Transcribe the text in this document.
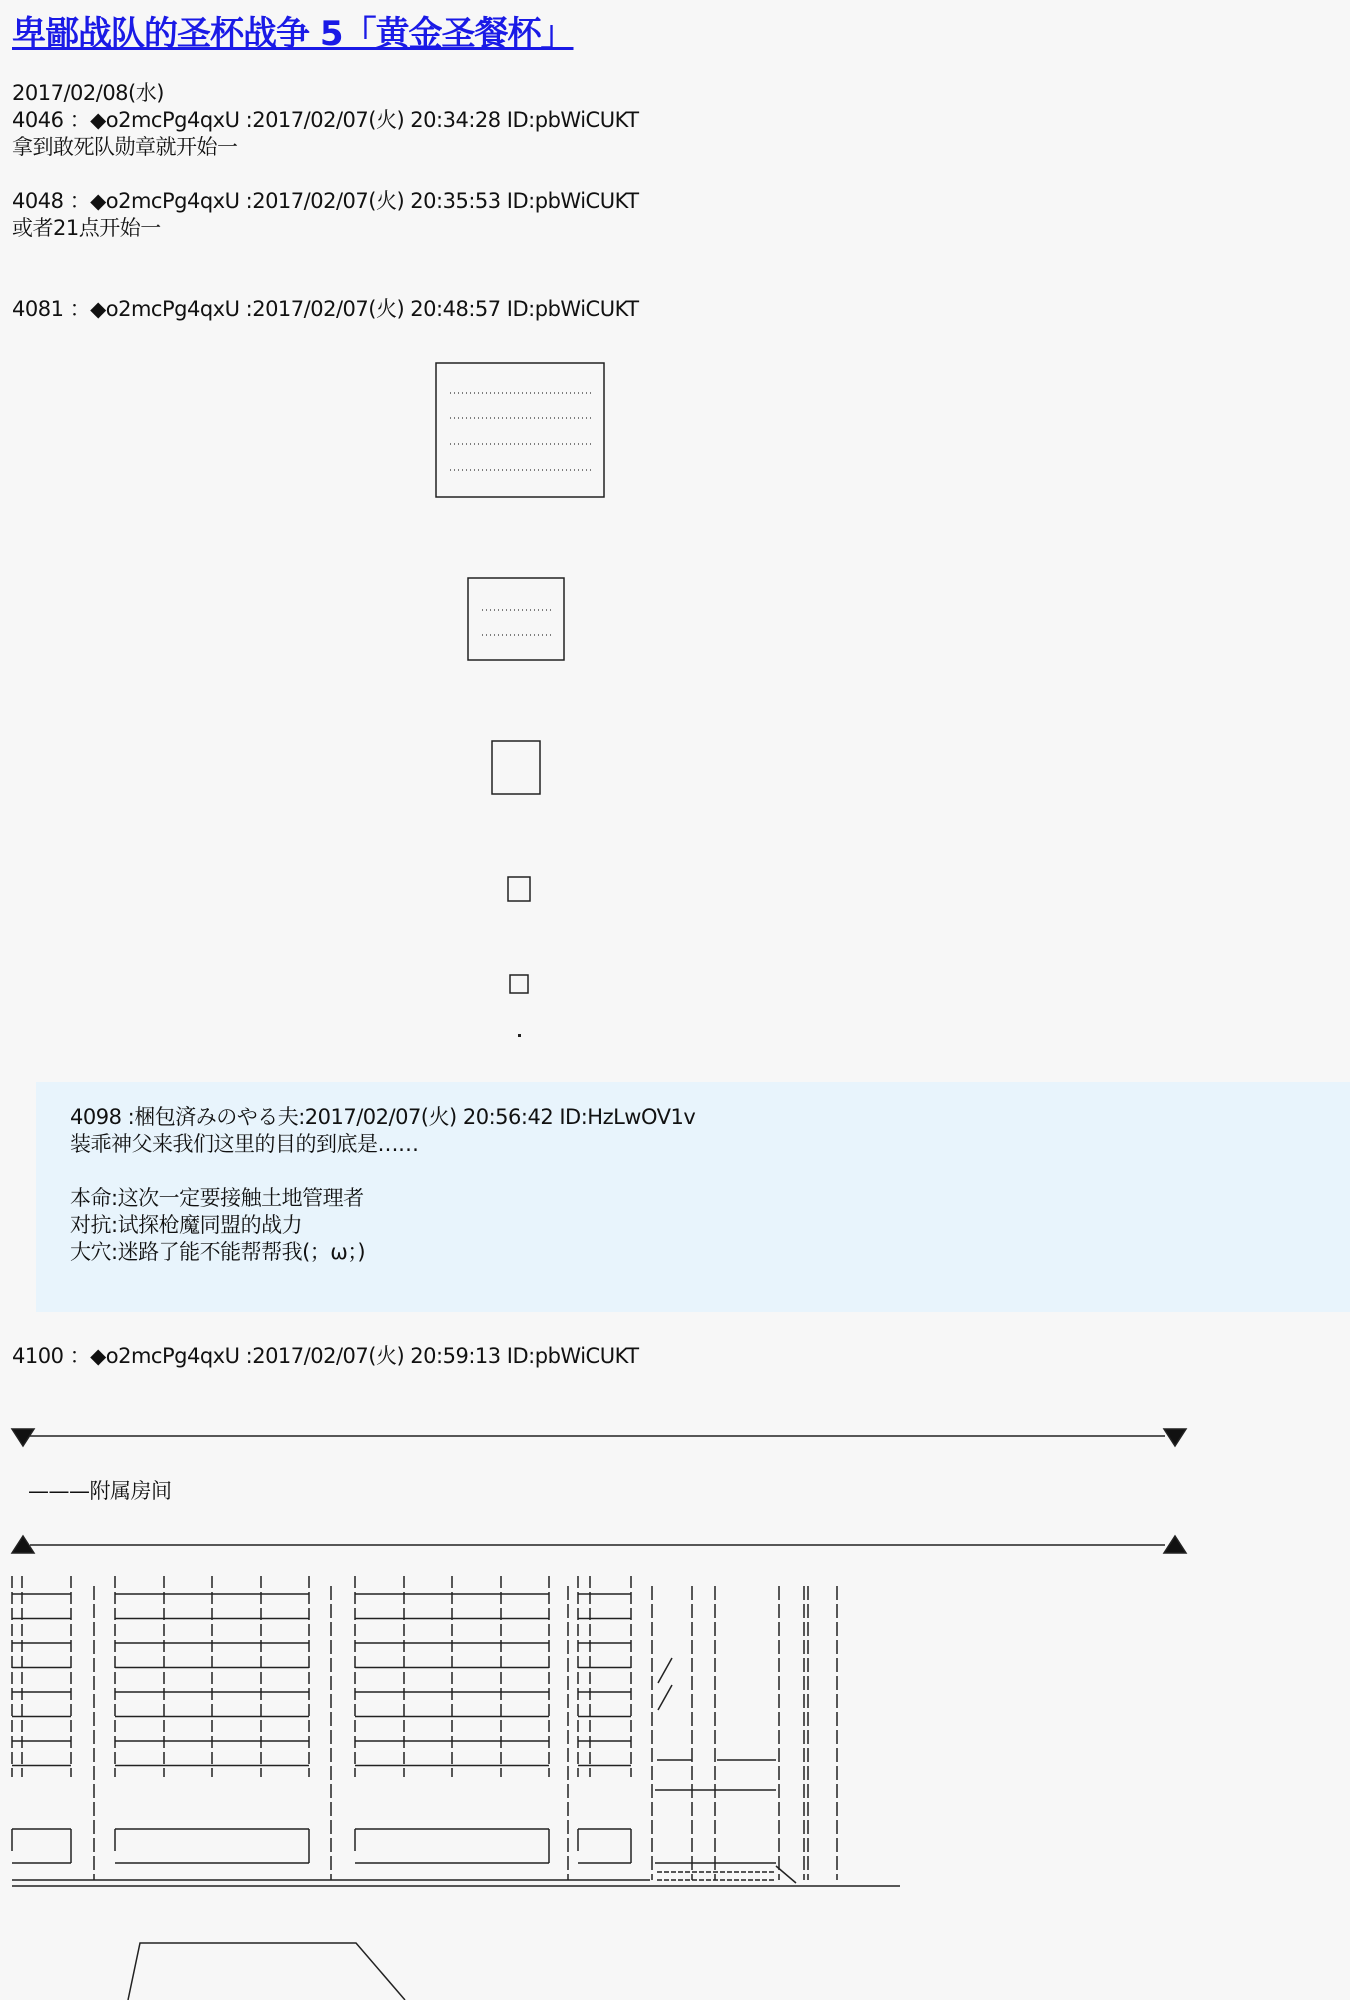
卑鄙战队的圣杯战争 5「黄金圣餐杯」
2017/02/08(水)
4046 ：◆o2mcPg4qxU :2017/02/07(火) 20:34:28 ID:pbWiCUKT
拿到敢死队勋章就开始一
4048 ：◆o2mcPg4qxU :2017/02/07(火) 20:35:53 ID:pbWiCUKT
或者21点开始一
4081 ：◆o2mcPg4qxU :2017/02/07(火) 20:48:57 ID:pbWiCUKT
4098 :梱包済みのやる夫:2017/02/07(火) 20:56:42 ID:HzLwOV1v
装乖神父来我们这里的目的到底是……
本命:这次一定要接触土地管理者
对抗:试探枪魔同盟的战力
大穴:迷路了能不能帮帮我(；ω；)
4100 ：◆o2mcPg4qxU :2017/02/07(火) 20:59:13 ID:pbWiCUKT
———附属房间
